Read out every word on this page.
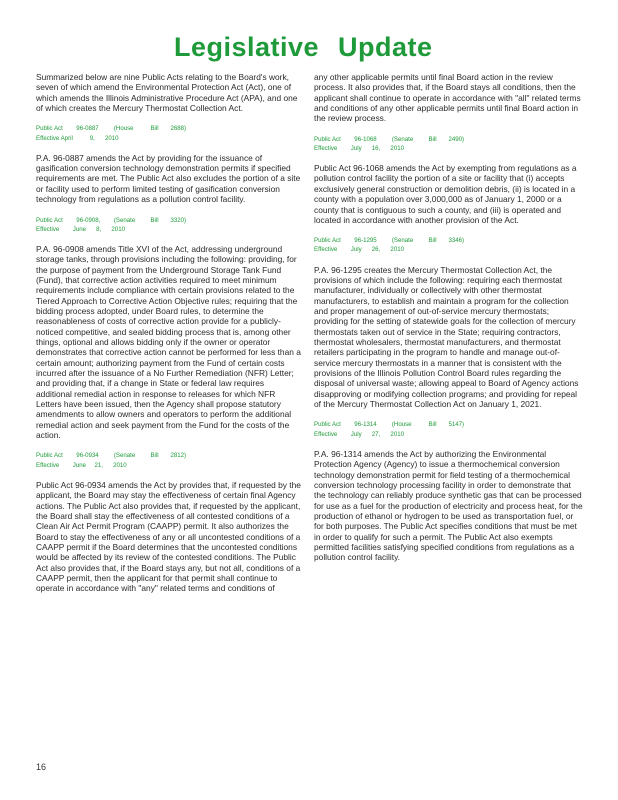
Legislative Update

Summarized below are nine Public Acts relating to the Board's work, seven of which amend the Environmental Protection Act (Act), one of which amends the Illinois Administrative Procedure Act (APA), and one of which creates the Mercury Thermostat Collection Act.

Public Act        96-0887         (House          Bill       2688)
Effective April          9,      2010

P.A. 96-0887 amends the Act by providing for the issuance of gasification conversion technology demonstration permits if specified requirements are met. The Public Act also excludes the portion of a site or facility used to perform limited testing of gasification conversion technology from regulations as a pollution control facility.

Public Act        96-0908,        (Senate         Bill       3320)
Effective        June      8,      2010

P.A. 96-0908 amends Title XVI of the Act, addressing underground storage tanks, through provisions including the following: providing, for the purpose of payment from the Underground Storage Tank Fund (Fund), that corrective action activities required to meet minimum requirements include compliance with certain provisions related to the Tiered Approach to Corrective Action Objective rules; requiring that the bidding process adopted, under Board rules, to determine the reasonableness of costs of corrective action provide for a publicly-noticed competitive, and sealed bidding process that is, among other things, optional and allows bidding only if the owner or operator demonstrates that corrective action cannot be performed for less than a certain amount; authorizing payment from the Fund of certain costs incurred after the issuance of a No Further Remediation (NFR) Letter; and providing that, if a change in State or federal law requires additional remedial action in response to releases for which NFR Letters have been issued, then the Agency shall propose statutory amendments to allow owners and operators to perform the additional remedial action and seek payment from the Fund for the costs of the action.

Public Act        96-0934         (Senate         Bill       2812)
Effective        June     21,      2010

Public Act 96-0934 amends the Act by provides that, if requested by the applicant, the Board may stay the effectiveness of certain final Agency actions. The Public Act also provides that, if requested by the applicant, the Board shall stay the effectiveness of all contested conditions of a Clean Air Act Permit Program (CAAPP) permit. It also authorizes the Board to stay the effectiveness of any or all uncontested conditions of a CAAPP permit if the Board determines that the uncontested conditions would be affected by its review of the contested conditions. The Public Act also provides that, if the Board stays any, but not all, conditions of a CAAPP permit, then the applicant for that permit shall continue to operate in accordance with "any" related terms and conditions of

any other applicable permits until final Board action in the review process. It also provides that, if the Board stays all conditions, then the applicant shall continue to operate in accordance with "all" related terms and conditions of any other applicable permits until final Board action in the review process.

Public Act        96-1068         (Senate         Bill       2490)
Effective        July      16,      2010

Public Act 96-1068 amends the Act by exempting from regulations as a pollution control facility the portion of a site or facility that (i) accepts exclusively general construction or demolition debris, (ii) is located in a county with a population over 3,000,000 as of January 1, 2000 or a county that is contiguous to such a county, and (iii) is operated and located in accordance with another provision of the Act.

Public Act        96-1295         (Senate         Bill       3346)
Effective        July      26,      2010

P.A. 96-1295 creates the Mercury Thermostat Collection Act, the provisions of which include the following: requiring each thermostat manufacturer, individually or collectively with other thermostat manufacturers, to establish and maintain a program for the collection and proper management of out-of-service mercury thermostats; providing for the setting of statewide goals for the collection of mercury thermostats taken out of service in the State; requiring contractors, thermostat wholesalers, thermostat manufacturers, and thermostat retailers participating in the program to handle and manage out-of-service mercury thermostats in a manner that is consistent with the provisions of the Illinois Pollution Control Board rules regarding the disposal of universal waste; allowing appeal to Board of Agency actions disapproving or modifying collection programs; and providing for repeal of the Mercury Thermostat Collection Act on January 1, 2021.

Public Act        96-1314         (House          Bill       5147)
Effective        July      27,      2010

P.A. 96-1314 amends the Act by authorizing the Environmental Protection Agency (Agency) to issue a thermochemical conversion technology demonstration permit for field testing of a thermochemical conversion technology processing facility in order to demonstrate that the technology can reliably produce synthetic gas that can be processed for use as a fuel for the production of electricity and process heat, for the production of ethanol or hydrogen to be used as transportation fuel, or for both purposes. The Public Act specifies conditions that must be met in order to qualify for such a permit. The Public Act also exempts permitted facilities satisfying specified conditions from regulations as a pollution control facility.

16
